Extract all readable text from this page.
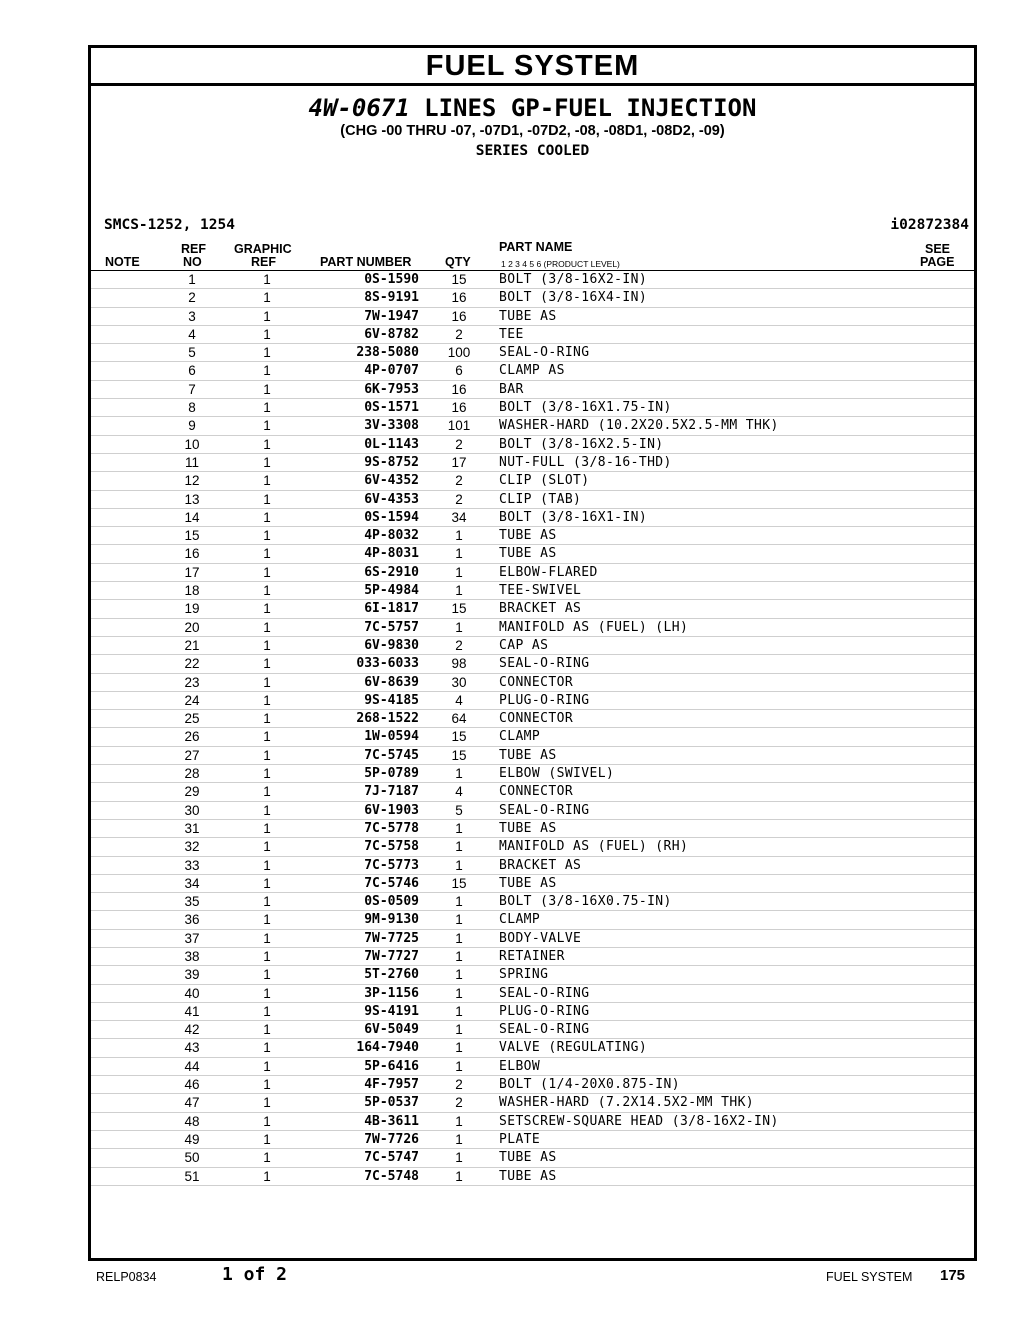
FUEL SYSTEM
4W-0671 LINES GP-FUEL INJECTION
(CHG -00 THRU -07, -07D1, -07D2, -08, -08D1, -08D2, -09)
SERIES COOLED
SMCS-1252, 1254	i02872384
NOTE
REF
NO
GRAPHIC
REF	PART NUMBER	QTY
PART NAME
1 2 3 4 5 6 (PRODUCT LEVEL)
SEE
PAGE
1	1	0S-1590	15	BOLT (3/8-16X2-IN)
2	1	8S-9191	16	BOLT (3/8-16X4-IN)
3	1	7W-1947	16	TUBE AS
4	1	6V-8782	2	TEE
5	1	238-5080	100	SEAL-O-RING
6	1	4P-0707	6	CLAMP AS
7	1	6K-7953	16	BAR
8	1	0S-1571	16	BOLT (3/8-16X1.75-IN)
9	1	3V-3308	101	WASHER-HARD (10.2X20.5X2.5-MM THK)
10	1	0L-1143	2	BOLT (3/8-16X2.5-IN)
11	1	9S-8752	17	NUT-FULL (3/8-16-THD)
12	1	6V-4352	2	CLIP (SLOT)
13	1	6V-4353	2	CLIP (TAB)
14	1	0S-1594	34	BOLT (3/8-16X1-IN)
15	1	4P-8032	1	TUBE AS
16	1	4P-8031	1	TUBE AS
17	1	6S-2910	1	ELBOW-FLARED
18	1	5P-4984	1	TEE-SWIVEL
19	1	6I-1817	15	BRACKET AS
20	1	7C-5757	1	MANIFOLD AS (FUEL) (LH)
21	1	6V-9830	2	CAP AS
22	1	033-6033	98	SEAL-O-RING
23	1	6V-8639	30	CONNECTOR
24	1	9S-4185	4	PLUG-O-RING
25	1	268-1522	64	CONNECTOR
26	1	1W-0594	15	CLAMP
27	1	7C-5745	15	TUBE AS
28	1	5P-0789	1	ELBOW (SWIVEL)
29	1	7J-7187	4	CONNECTOR
30	1	6V-1903	5	SEAL-O-RING
31	1	7C-5778	1	TUBE AS
32	1	7C-5758	1	MANIFOLD AS (FUEL) (RH)
33	1	7C-5773	1	BRACKET AS
34	1	7C-5746	15	TUBE AS
35	1	0S-0509	1	BOLT (3/8-16X0.75-IN)
36	1	9M-9130	1	CLAMP
37	1	7W-7725	1	BODY-VALVE
38	1	7W-7727	1	RETAINER
39	1	5T-2760	1	SPRING
40	1	3P-1156	1	SEAL-O-RING
41	1	9S-4191	1	PLUG-O-RING
42	1	6V-5049	1	SEAL-O-RING
43	1	164-7940	1	VALVE (REGULATING)
44	1	5P-6416	1	ELBOW
46	1	4F-7957	2	BOLT (1/4-20X0.875-IN)
47	1	5P-0537	2	WASHER-HARD (7.2X14.5X2-MM THK)
48	1	4B-3611	1	SETSCREW-SQUARE HEAD (3/8-16X2-IN)
49	1	7W-7726	1	PLATE
50	1	7C-5747	1	TUBE AS
51	1	7C-5748	1	TUBE AS
RELP0834	1 of 2	FUEL SYSTEM 175
